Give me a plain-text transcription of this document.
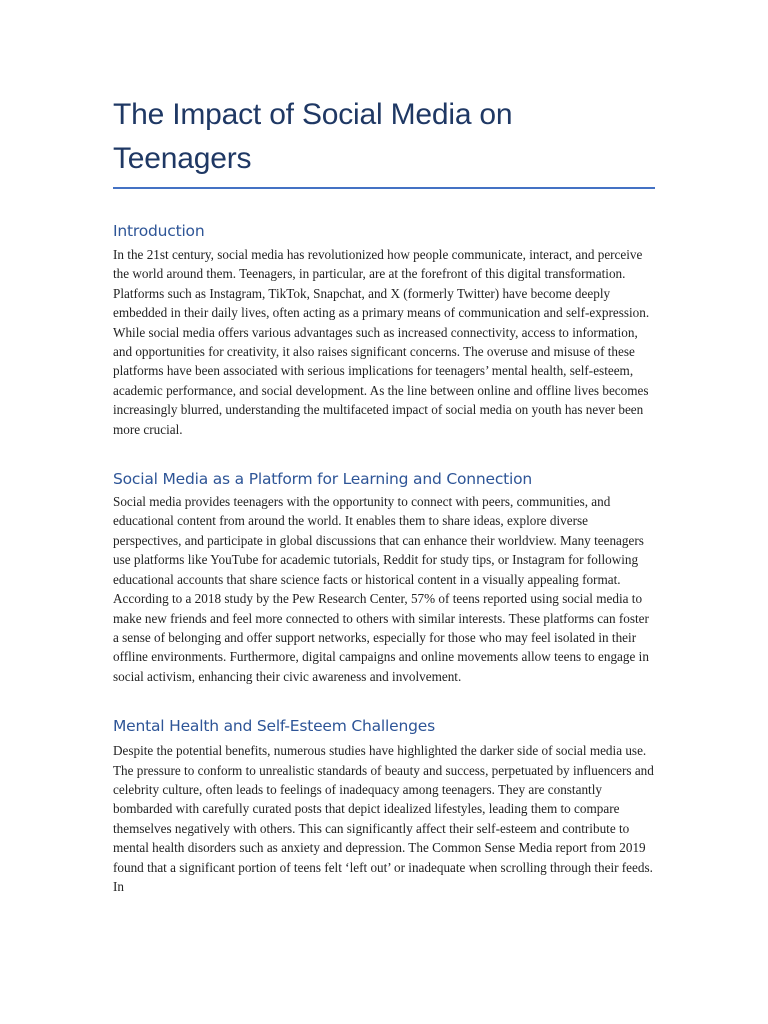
The Impact of Social Media on Teenagers
Introduction

In the 21st century, social media has revolutionized how people communicate, interact, and perceive the world around them. Teenagers, in particular, are at the forefront of this digital transformation. Platforms such as Instagram, TikTok, Snapchat, and X (formerly Twitter) have become deeply embedded in their daily lives, often acting as a primary means of communication and self-expression. While social media offers various advantages such as increased connectivity, access to information, and opportunities for creativity, it also raises significant concerns. The overuse and misuse of these platforms have been associated with serious implications for teenagers’ mental health, self-esteem, academic performance, and social development. As the line between online and offline lives becomes increasingly blurred, understanding the multifaceted impact of social media on youth has never been more crucial.

Social Media as a Platform for Learning and Connection

Social media provides teenagers with the opportunity to connect with peers, communities, and educational content from around the world. It enables them to share ideas, explore diverse perspectives, and participate in global discussions that can enhance their worldview. Many teenagers use platforms like YouTube for academic tutorials, Reddit for study tips, or Instagram for following educational accounts that share science facts or historical content in a visually appealing format. According to a 2018 study by the Pew Research Center, 57% of teens reported using social media to make new friends and feel more connected to others with similar interests. These platforms can foster a sense of belonging and offer support networks, especially for those who may feel isolated in their offline environments. Furthermore, digital campaigns and online movements allow teens to engage in social activism, enhancing their civic awareness and involvement.

Mental Health and Self-Esteem Challenges

Despite the potential benefits, numerous studies have highlighted the darker side of social media use. The pressure to conform to unrealistic standards of beauty and success, perpetuated by influencers and celebrity culture, often leads to feelings of inadequacy among teenagers. They are constantly bombarded with carefully curated posts that depict idealized lifestyles, leading them to compare themselves negatively with others. This can significantly affect their self-esteem and contribute to mental health disorders such as anxiety and depression. The Common Sense Media report from 2019 found that a significant portion of teens felt ‘left out’ or inadequate when scrolling through their feeds. In
